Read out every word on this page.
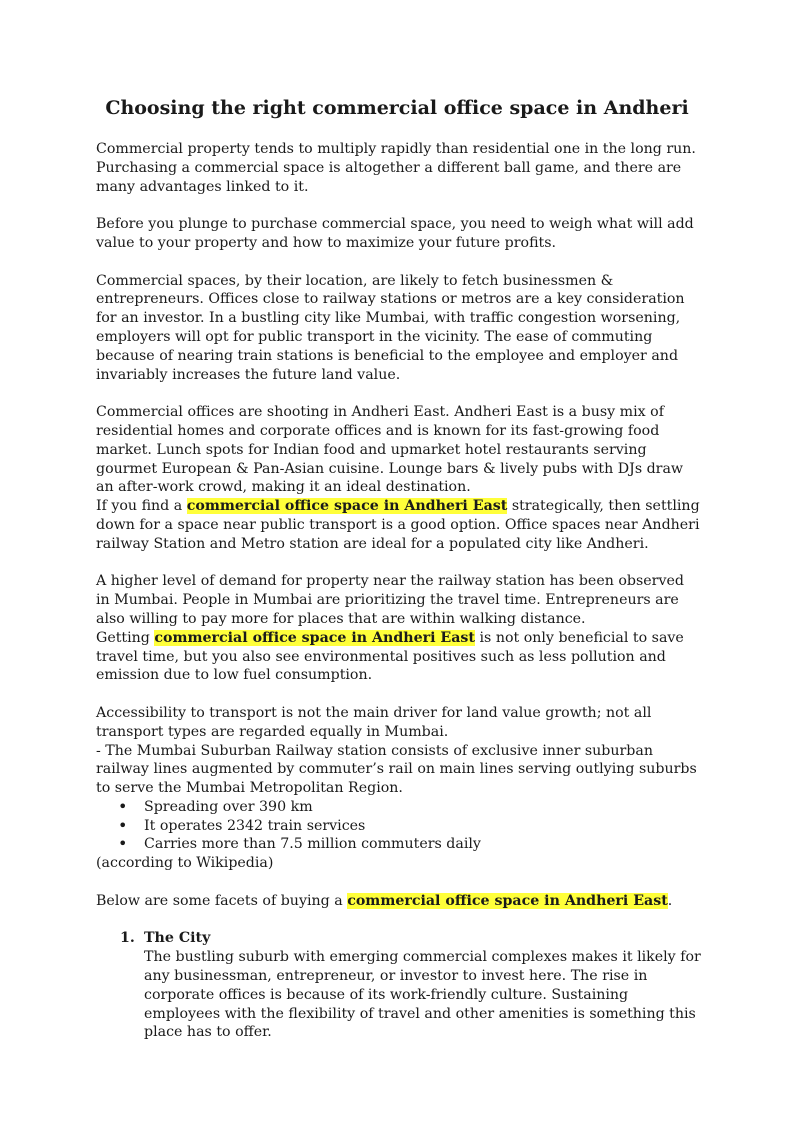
Choosing the right commercial office space in Andheri

Commercial property tends to multiply rapidly than residential one in the long run. Purchasing a commercial space is altogether a different ball game, and there are many advantages linked to it.

Before you plunge to purchase commercial space, you need to weigh what will add value to your property and how to maximize your future profits.

Commercial spaces, by their location, are likely to fetch businessmen & entrepreneurs. Offices close to railway stations or metros are a key consideration for an investor. In a bustling city like Mumbai, with traffic congestion worsening, employers will opt for public transport in the vicinity. The ease of commuting because of nearing train stations is beneficial to the employee and employer and invariably increases the future land value.

Commercial offices are shooting in Andheri East. Andheri East is a busy mix of residential homes and corporate offices and is known for its fast-growing food market. Lunch spots for Indian food and upmarket hotel restaurants serving gourmet European & Pan-Asian cuisine. Lounge bars & lively pubs with DJs draw an after-work crowd, making it an ideal destination.

If you find a commercial office space in Andheri East strategically, then settling down for a space near public transport is a good option. Office spaces near Andheri railway Station and Metro station are ideal for a populated city like Andheri.

A higher level of demand for property near the railway station has been observed in Mumbai. People in Mumbai are prioritizing the travel time. Entrepreneurs are also willing to pay more for places that are within walking distance.

Getting commercial office space in Andheri East is not only beneficial to save travel time, but you also see environmental positives such as less pollution and emission due to low fuel consumption.

Accessibility to transport is not the main driver for land value growth; not all transport types are regarded equally in Mumbai.

- The Mumbai Suburban Railway station consists of exclusive inner suburban railway lines augmented by commuter’s rail on main lines serving outlying suburbs to serve the Mumbai Metropolitan Region.

• Spreading over 390 km
• It operates 2342 train services
• Carries more than 7.5 million commuters daily

(according to Wikipedia)

Below are some facets of buying a commercial office space in Andheri East.

1. The City
The bustling suburb with emerging commercial complexes makes it likely for any businessman, entrepreneur, or investor to invest here. The rise in corporate offices is because of its work-friendly culture. Sustaining employees with the flexibility of travel and other amenities is something this place has to offer.
